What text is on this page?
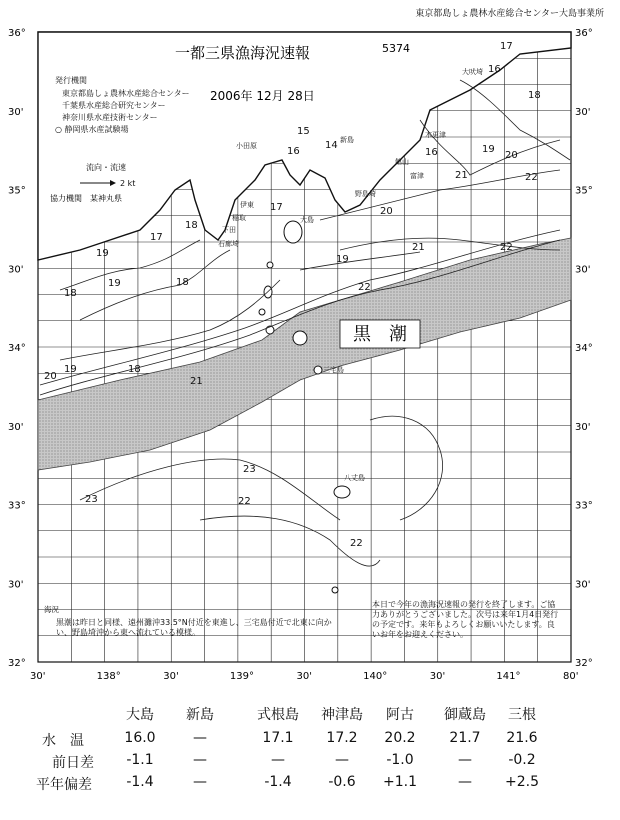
東京都島しょ農林水産総合センター大島事業所
黒　潮
一都三県漁海況速報	5374
2006年 12月 28日
36°	36°
30'	30'
35°	35°
30'	30'
34°	34°
30'	30'
33°	33°
30'	30'
32°	32°
30'	138°	30'	139°	30'	140°	30'	141°	80'
15
14
16
17
18
17
19
18
19	18
18
19
20
19
22
21	22
21
20
16	19
20
22
17
16
18
23
23	22
22
21
大吠埼
小田原
伊東
稲取
下田
大島
三宅島
八丈島
新島
館山
富津
木更津
野島埼
石廊埼
発行機関
東京都島しょ農林水産総合センター
千葉県水産総合研究センター
神奈川県水産技術センター
○ 静岡県水産試験場
流向・流速
2 kt
協力機関　某神丸県
海況
黒潮は昨日と同様、遠州灘沖33.5°N付近を東進し、三宅島付近で北東に向かい、野島埼沖から東へ流れている模様。
本日で今年の漁海況速報の発行を終了します。ご協力ありがとうございました。次号は来年1月4日発行の予定です。来年もよろしくお願いいたします。良いお年をお迎えください。
大島	新島	式根島	神津島	阿古	御蔵島	三根
水　温	16.0	—	17.1	17.2	20.2	21.7	21.6
前日差	-1.1	—	—	—	-1.0	—	-0.2
平年偏差	-1.4	—	-1.4	-0.6	+1.1	—	+2.5
